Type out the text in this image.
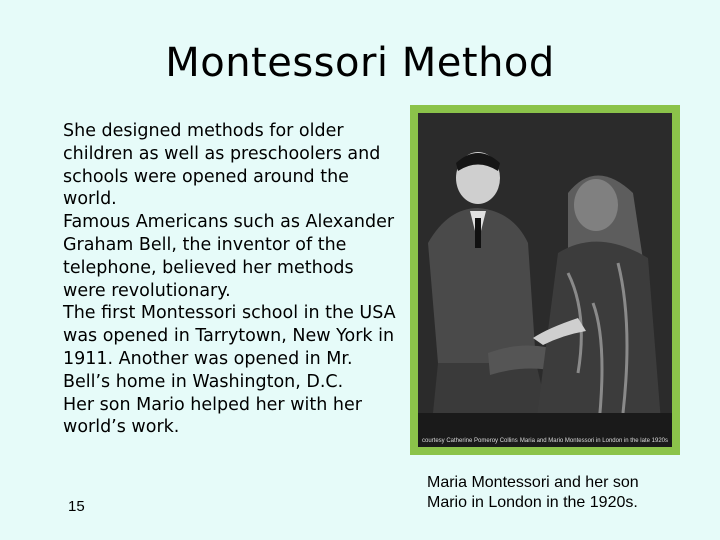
Montessori Method

She designed methods for older children as well as preschoolers and schools were opened around the world.

Famous Americans such as Alexander Graham Bell, the inventor of the telephone, believed her methods were revolutionary.

The first Montessori school in the USA was opened in Tarrytown, New York in 1911. Another was opened in Mr. Bell’s home in Washington, D.C.

Her son Mario helped her with her world’s work.

15
courtesy Catherine Pomeroy Collins Maria and Mario Montessori in London in the late 1920s
Maria Montessori and her son Mario in London in the 1920s.
